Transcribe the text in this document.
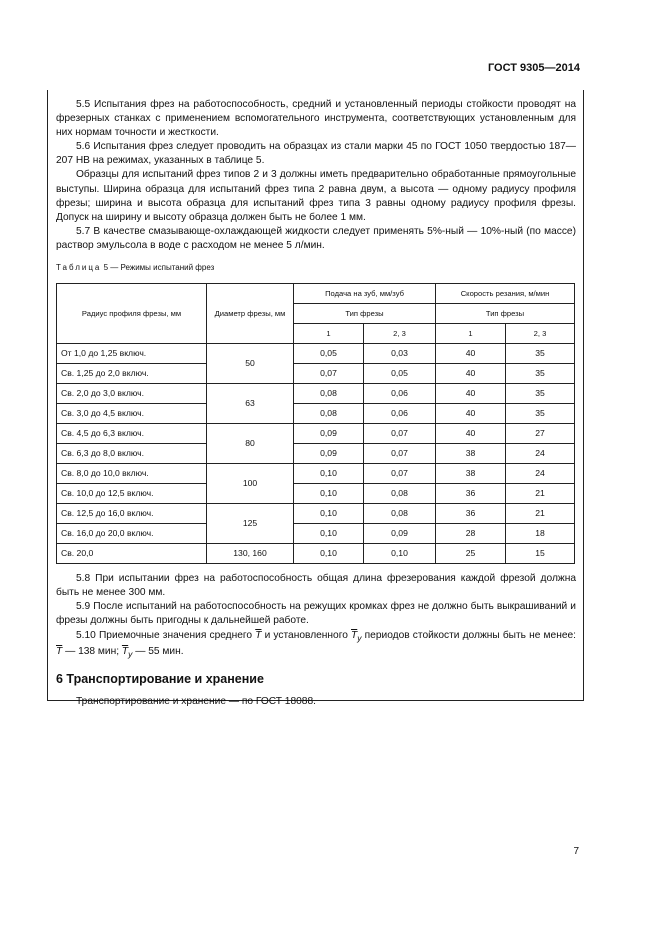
ГОСТ 9305—2014

5.5 Испытания фрез на работоспособность, средний и установленный периоды стойкости проводят на фрезерных станках с применением вспомогательного инструмента, соответствующих установленным для них нормам точности и жесткости.

5.6 Испытания фрез следует проводить на образцах из стали марки 45 по ГОСТ 1050 твердостью 187—207 НВ на режимах, указанных в таблице 5.

Образцы для испытаний фрез типов 2 и 3 должны иметь предварительно обработанные прямоугольные выступы. Ширина образца для испытаний фрез типа 2 равна двум, а высота — одному радиусу профиля фрезы; ширина и высота образца для испытаний фрез типа 3 равны одному радиусу профиля фрезы. Допуск на ширину и высоту образца должен быть не более 1 мм.

5.7 В качестве смазывающе-охлаждающей жидкости следует применять 5%-ный — 10%-ный (по массе) раствор эмульсола в воде с расходом не менее 5 л/мин.

Таблица 5 — Режимы испытаний фрез

Радиус профиля фрезы, мм	Диаметр фрезы, мм	Подача на зуб, мм/зуб		Скорость резания, м/мин	
		Тип фрезы		Тип фрезы	
		1	2, 3	1	2, 3
От 1,0 до 1,25 включ.	50	0,05	0,03	40	35
Св. 1,25 до 2,0 включ.		0,07	0,05	40	35
Св. 2,0 до 3,0 включ.	63	0,08	0,06	40	35
Св. 3,0 до 4,5 включ.		0,08	0,06	40	35
Св. 4,5 до 6,3 включ.	80	0,09	0,07	40	27
Св. 6,3 до 8,0 включ.		0,09	0,07	38	24
Св. 8,0 до 10,0 включ.	100	0,10	0,07	38	24
Св. 10,0 до 12,5 включ.		0,10	0,08	36	21
Св. 12,5 до 16,0 включ.	125	0,10	0,08	36	21
Св. 16,0 до 20,0 включ.		0,10	0,09	28	18
Св. 20,0	130, 160	0,10	0,10	25	15

5.8 При испытании фрез на работоспособность общая длина фрезерования каждой фрезой должна быть не менее 300 мм.

5.9 После испытаний на работоспособность на режущих кромках фрез не должно быть выкрашиваний и фрезы должны быть пригодны к дальнейшей работе.

5.10 Приемочные значения среднего $\overline{T}$ и установленного $\overline{T}_y$ периодов стойкости должны быть не менее: $\overline{T}$ — 138 мин; $\overline{T}_y$ — 55 мин.

6 Транспортирование и хранение

Транспортирование и хранение — по ГОСТ 18088.

7
